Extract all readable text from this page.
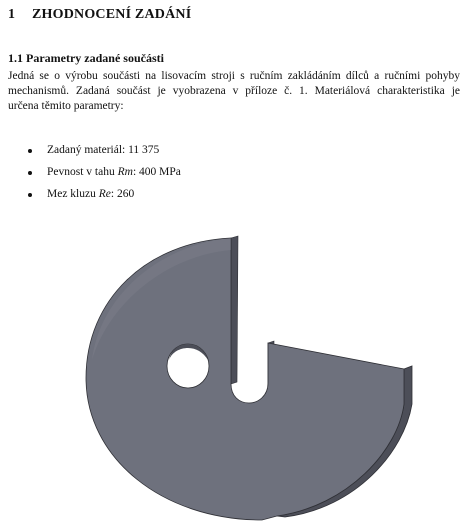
1 ZHODNOCENÍ ZADÁNÍ
1.1 Parametry zadané součásti
Jedná se o výrobu součásti na lisovacím stroji s ručním zakládáním dílců a ručními pohyby
mechanismů. Zadaná součást je vyobrazena v příloze č. 1. Materiálová charakteristika je
určena těmito parametry:
Zadaný materiál: 11 375
Pevnost v tahu Rm: 400 MPa
Mez kluzu Re: 260
